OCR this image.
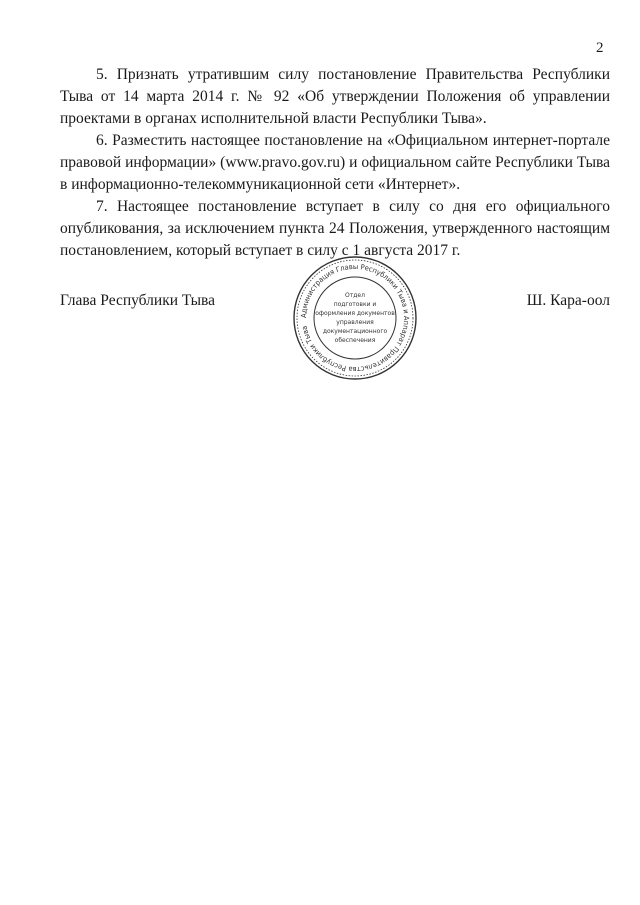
2

5. Признать утратившим силу постановление Правительства Республики Тыва от 14 марта 2014 г. № 92 «Об утверждении Положения об управлении проектами в органах исполнительной власти Республики Тыва».

6. Разместить настоящее постановление на «Официальном интернет-портале правовой информации» (www.pravo.gov.ru) и официальном сайте Республики Тыва в информационно-телекоммуникационной сети «Интернет».

7. Настоящее постановление вступает в силу со дня его официального опубликования, за исключением пункта 24 Положения, утвержденного настоящим постановлением, который вступает в силу с 1 августа 2017 г.

Глава Республики Тыва	Ш. Кара-оол
Администрация Главы Республики Тыва и Аппарат Правительства Республики Тыва
Отдел
подготовки и
оформления документов
управления
документационного
обеспечения
